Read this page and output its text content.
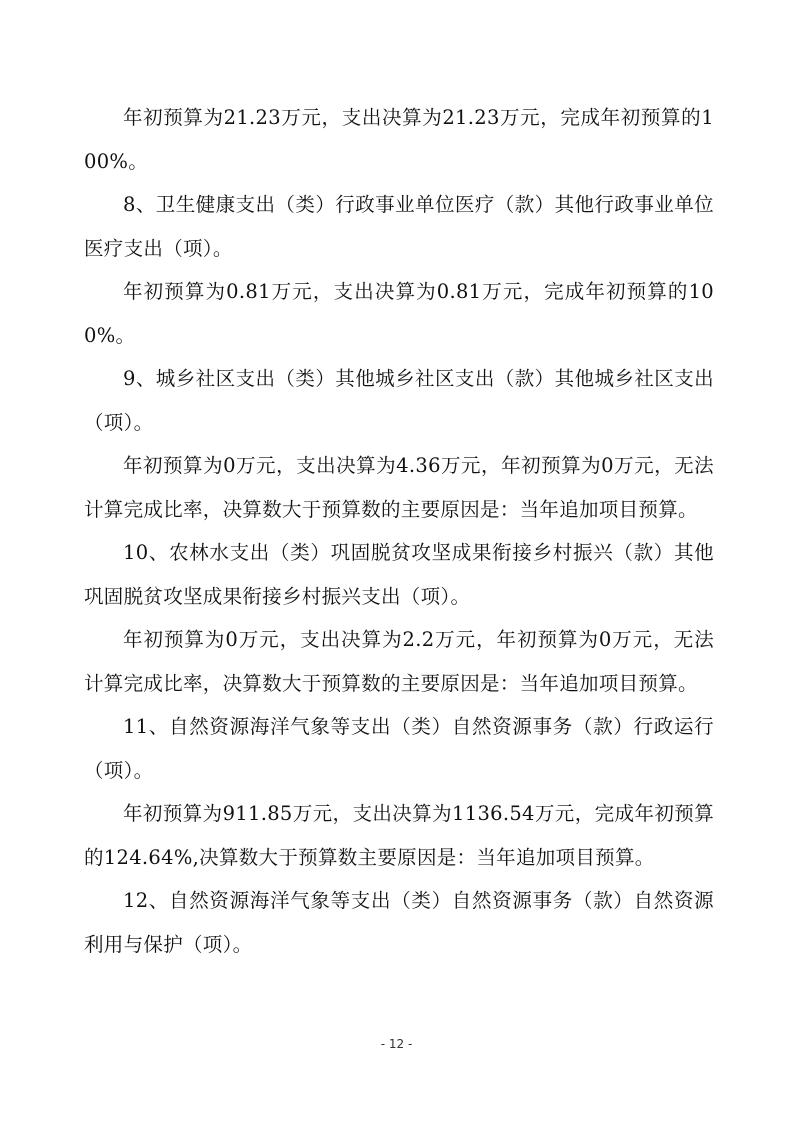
年初预算为21.23万元，支出决算为21.23万元，完成年初预算的100%。

8、卫生健康支出（类）行政事业单位医疗（款）其他行政事业单位医疗支出（项）。

年初预算为0.81万元，支出决算为0.81万元，完成年初预算的100%。

9、城乡社区支出（类）其他城乡社区支出（款）其他城乡社区支出（项）。

年初预算为0万元，支出决算为4.36万元，年初预算为0万元，无法计算完成比率，决算数大于预算数的主要原因是：当年追加项目预算。

10、农林水支出（类）巩固脱贫攻坚成果衔接乡村振兴（款）其他巩固脱贫攻坚成果衔接乡村振兴支出（项）。

年初预算为0万元，支出决算为2.2万元，年初预算为0万元，无法计算完成比率，决算数大于预算数的主要原因是：当年追加项目预算。

11、自然资源海洋气象等支出（类）自然资源事务（款）行政运行（项）。

年初预算为911.85万元，支出决算为1136.54万元，完成年初预算的124.64%,决算数大于预算数主要原因是：当年追加项目预算。

12、自然资源海洋气象等支出（类）自然资源事务（款）自然资源利用与保护（项）。

- 12 -
